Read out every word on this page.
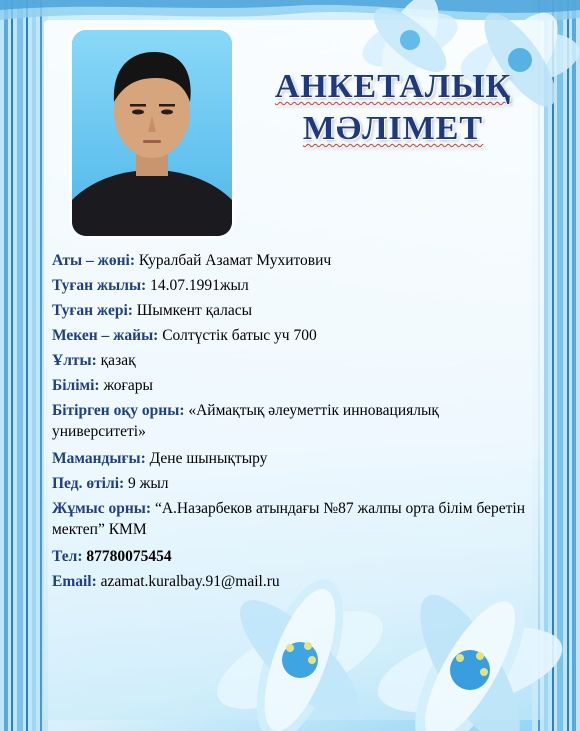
АНКЕТАЛЫҚ
МӘЛІМЕТ
Аты – жөні: Куралбай Азамат Мухитович
Туған жылы: 14.07.1991жыл
Туған жері: Шымкент қаласы
Мекен – жайы: Солтүстік батыс уч 700
Ұлты: қазақ
Білімі: жоғары
Бітірген оқу орны: «Аймақтық әлеуметтік инновациялық университеті»
Мамандығы: Дене шынықтыру
Пед. өтілі: 9 жыл
Жұмыс орны: “А.Назарбеков атындағы №87 жалпы орта білім беретін мектеп” КММ
Тел: 87780075454
Email: azamat.kuralbay.91@mail.ru
